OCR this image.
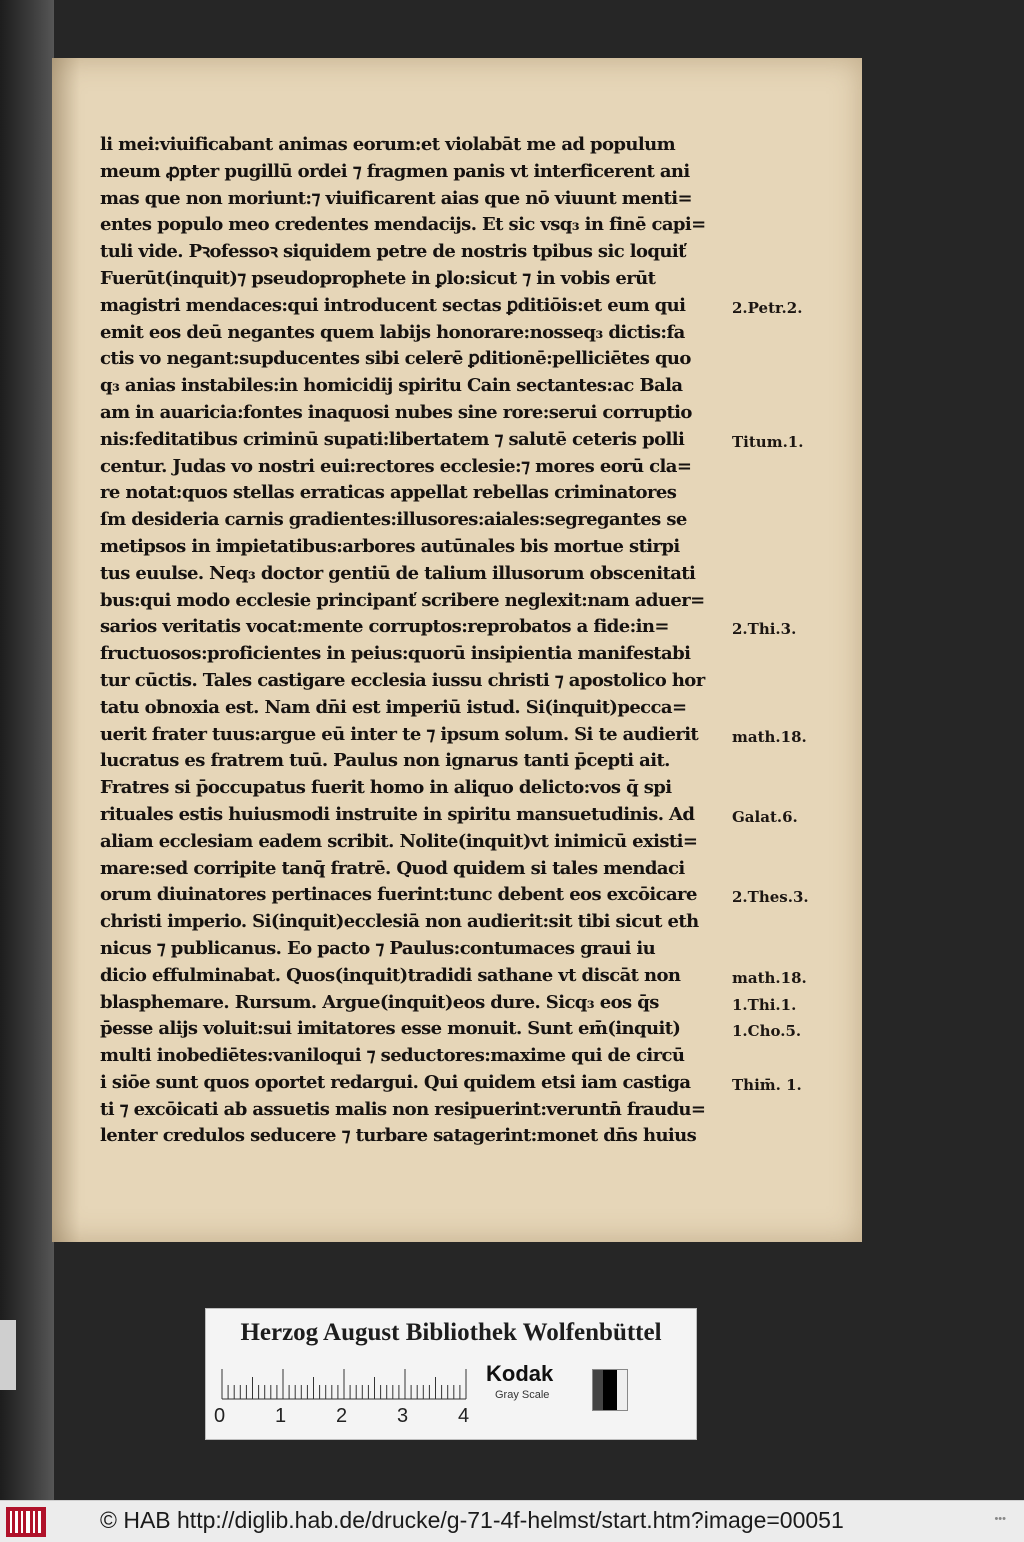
li mei:viuificabant animas eorum:et violabāt me ad populum
meum ꝓpter pugillū ordei ⁊ fragmen panis vt interficerent ani
mas que non moriunt:⁊ viuificarent aias que nō viuunt menti=
entes populo meo credentes mendacijs. Et sic vsq₃ in finē capi=
tuli vide. Pꝛofessoꝛ siquidem petre de nostris tpibus sic loquiť
Fuerūt(inquit)⁊ pseudoprophete in ꝑlo:sicut ⁊ in vobis erūt
magistri mendaces:qui introducent sectas ꝑditiōis:et eum qui
emit eos deū negantes quem labijs honorare:nosseq₃ dictis:fa
ctis vo negant:supducentes sibi celerē ꝑditionē:pelliciētes quo
q₃ anias instabiles:in homicidij spiritu Cain sectantes:ac Bala
am in auaricia:fontes inaquosi nubes sine rore:serui corruptio
nis:feditatibus criminū supati:libertatem ⁊ salutē ceteris polli
centur. Judas vo nostri eui:rectores ecclesie:⁊ mores eorū cla=
re notat:quos stellas erraticas appellat rebellas criminatores
ſm desideria carnis gradientes:illusores:aiales:segregantes se
metipsos in impietatibus:arbores autūnales bis mortue stirpi
tus euulse. Neq₃ doctor gentiū de talium illusorum obscenitati
bus:qui modo ecclesie principanť scribere neglexit:nam aduer=
sarios veritatis vocat:mente corruptos:reprobatos a fide:in=
fructuosos:proficientes in peius:quorū insipientia manifestabi
tur cūctis. Tales castigare ecclesia iussu christi ⁊ apostolico hor
tatu obnoxia est. Nam dn̄i est imperiū istud. Si(inquit)pecca=
uerit frater tuus:argue eū inter te ⁊ ipsum solum. Si te audierit
lucratus es fratrem tuū. Paulus non ignarus tanti p̄cepti ait.
Fratres si p̄occupatus fuerit homo in aliquo delicto:vos q̄ spi
rituales estis huiusmodi instruite in spiritu mansuetudinis. Ad
aliam ecclesiam eadem scribit. Nolite(inquit)vt inimicū existi=
mare:sed corripite tanq̄ fratrē. Quod quidem si tales mendaci
orum diuinatores pertinaces fuerint:tunc debent eos excōicare
christi imperio. Si(inquit)ecclesiā non audierit:sit tibi sicut eth
nicus ⁊ publicanus. Eo pacto ⁊ Paulus:contumaces graui iu
dicio effulminabat. Quos(inquit)tradidi sathane vt discāt non
blasphemare. Rursum. Argue(inquit)eos dure. Sicq₃ eos q̄s
p̄esse alijs voluit:sui imitatores esse monuit. Sunt em̄(inquit)
multi inobediētes:vaniloqui ⁊ seductores:maxime qui de circū
i siōe sunt quos oportet redargui. Qui quidem etsi iam castiga
ti ⁊ excōicati ab assuetis malis non resipuerint:veruntn̄ fraudu=
lenter credulos seducere ⁊ turbare satagerint:monet dn̄s huius
2.Petr.2.
Titum.1.
2.Thi.3.
math.18.
Galat.6.
2.Thes.3.
math.18.
1.Thi.1.
1.Cho.5.
Thim̄. 1.
Herzog August Bibliothek Wolfenbüttel
0 1 2 3 4
Kodak
Gray Scale
© HAB http://diglib.hab.de/drucke/g-71-4f-helmst/start.htm?image=00051	•••
